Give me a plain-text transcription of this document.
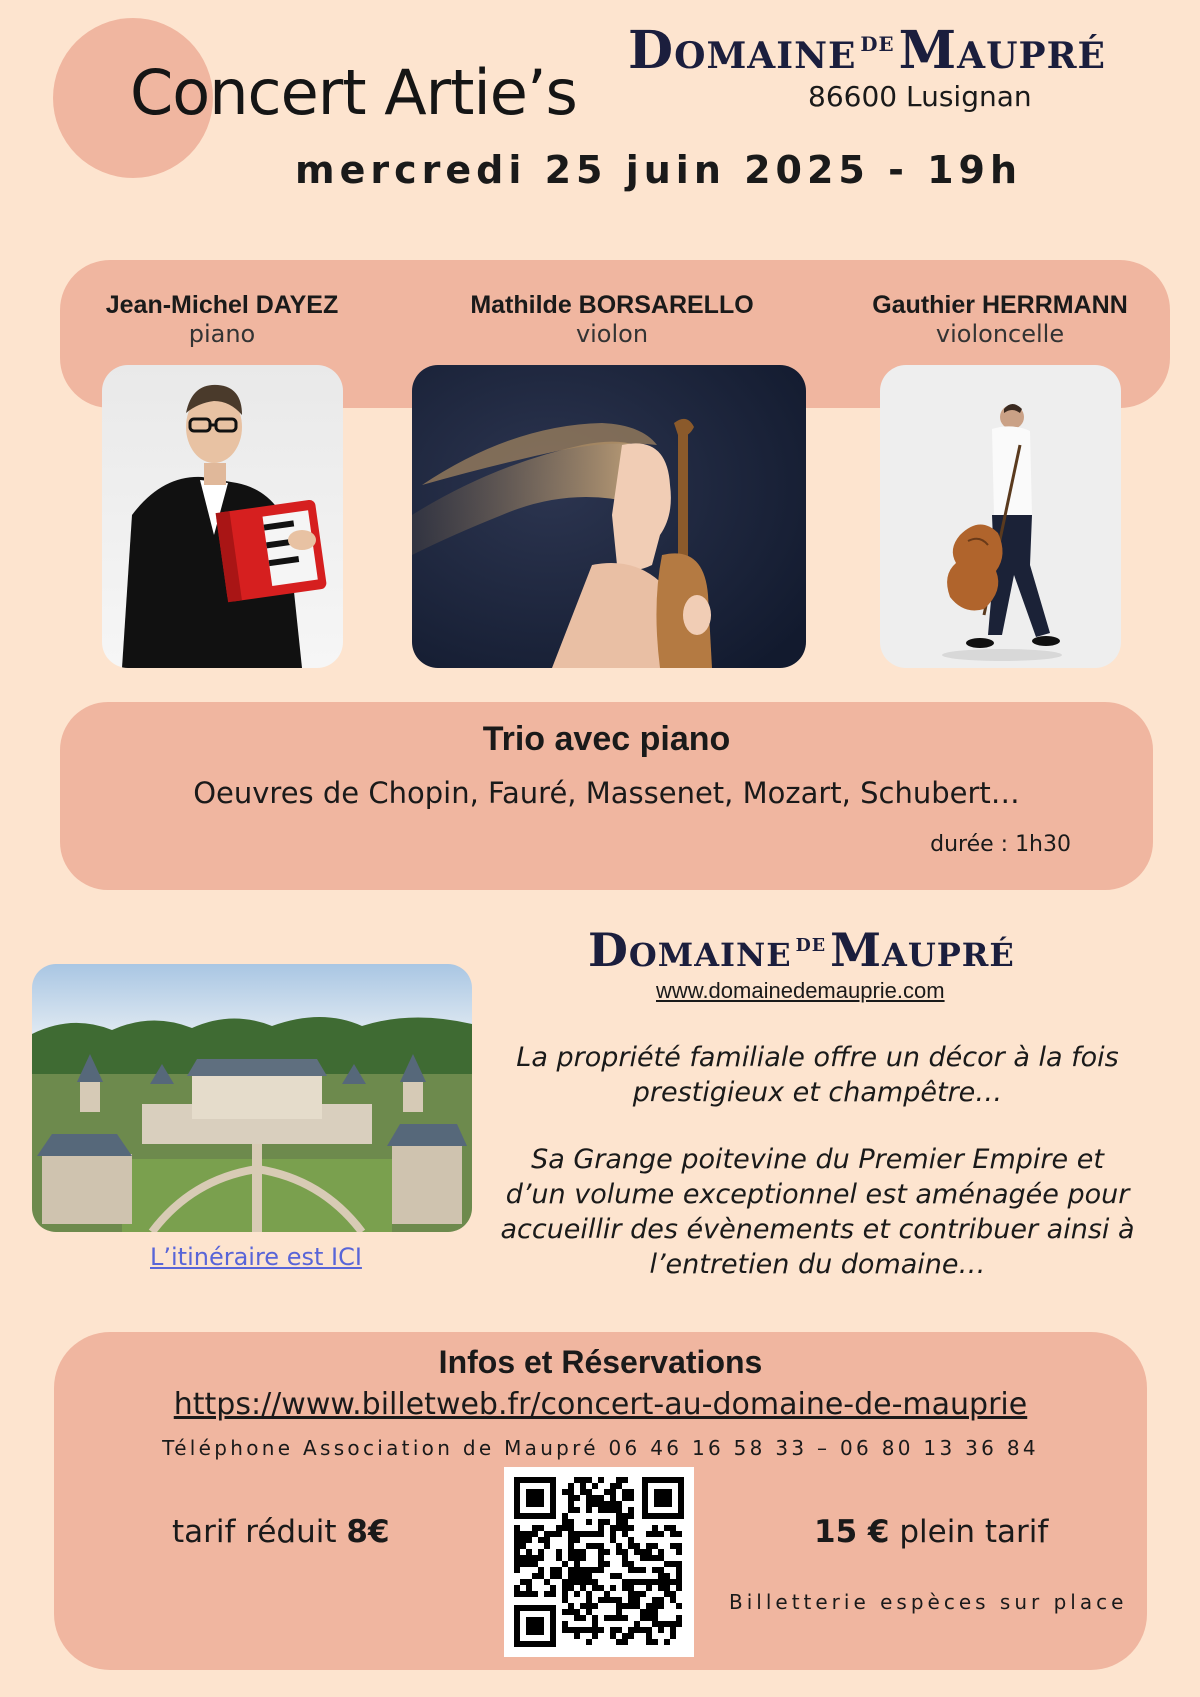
Concert Artie’s
Domaine $^{DE}$Maupré
86600 Lusignan
mercredi 25 juin 2025 - 19h
Jean-Michel DAYEZ
piano
Mathilde BORSARELLO
violon
Gauthier HERRMANN
violoncelle
Trio avec piano
Oeuvres de Chopin, Fauré, Massenet, Mozart, Schubert…
durée : 1h30
L’itinéraire est ICI
Domaine $^{DE}$Maupré
www.domainedemauprie.com
La propriété familiale offre un décor à la fois
prestigieux et champêtre…
Sa Grange poitevine du Premier Empire et
d’un volume exceptionnel est aménagée pour
accueillir des évènements et contribuer ainsi à
l’entretien du domaine…
Infos et Réservations
https://www.billetweb.fr/concert-au-domaine-de-mauprie
Téléphone Association de Maupré 06 46 16 58 33 – 06 80 13 36 84
tarif réduit 8€	15 € plein tarif
Billetterie espèces sur place
